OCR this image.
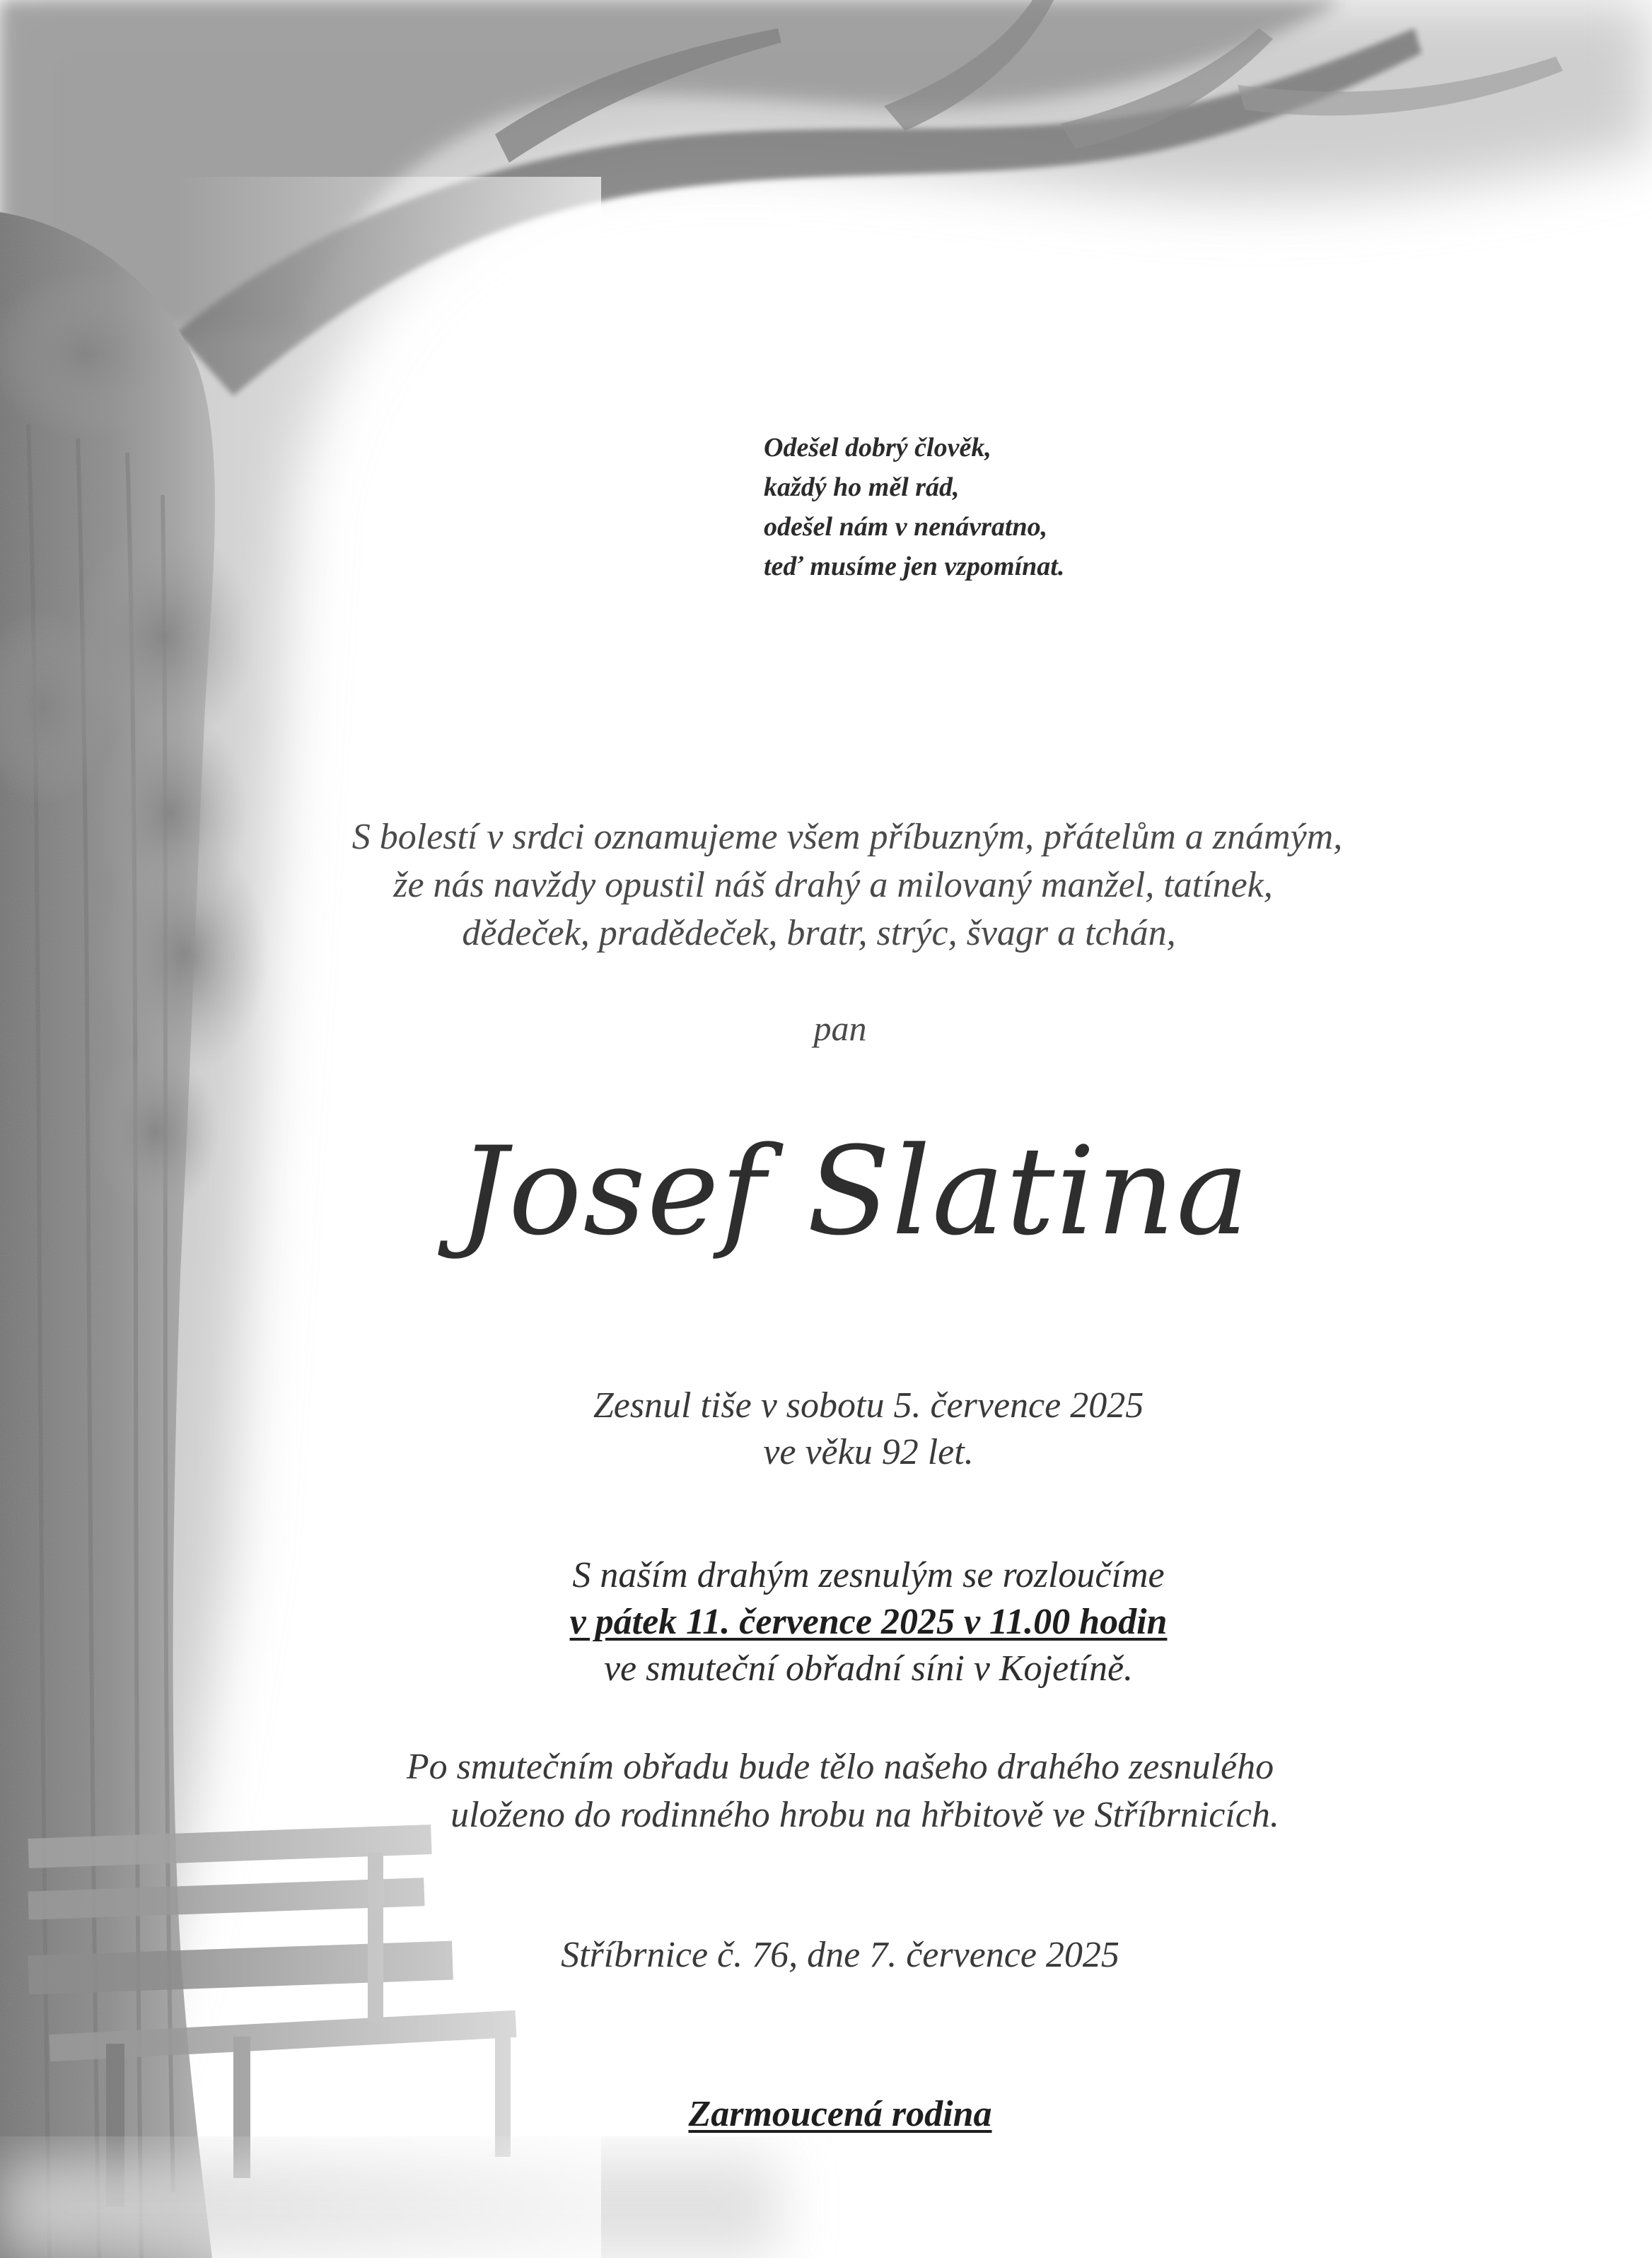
Odešel dobrý člověk,
každý ho měl rád,
odešel nám v nenávratno,
teď musíme jen vzpomínat.
S bolestí v srdci oznamujeme všem příbuzným, přátelům a známým,
že nás navždy opustil náš drahý a milovaný manžel, tatínek,
dědeček, pradědeček, bratr, strýc, švagr a tchán,
pan
Josef Slatina
Zesnul tiše v sobotu 5. července 2025
ve věku 92 let.
S naším drahým zesnulým se rozloučíme
v pátek 11. července 2025 v 11.00 hodin
ve smuteční obřadní síni v Kojetíně.
Po smutečním obřadu bude tělo našeho drahého zesnulého
uloženo do rodinného hrobu na hřbitově ve Stříbrnicích.
Stříbrnice č. 76, dne 7. července 2025
Zarmoucená rodina
